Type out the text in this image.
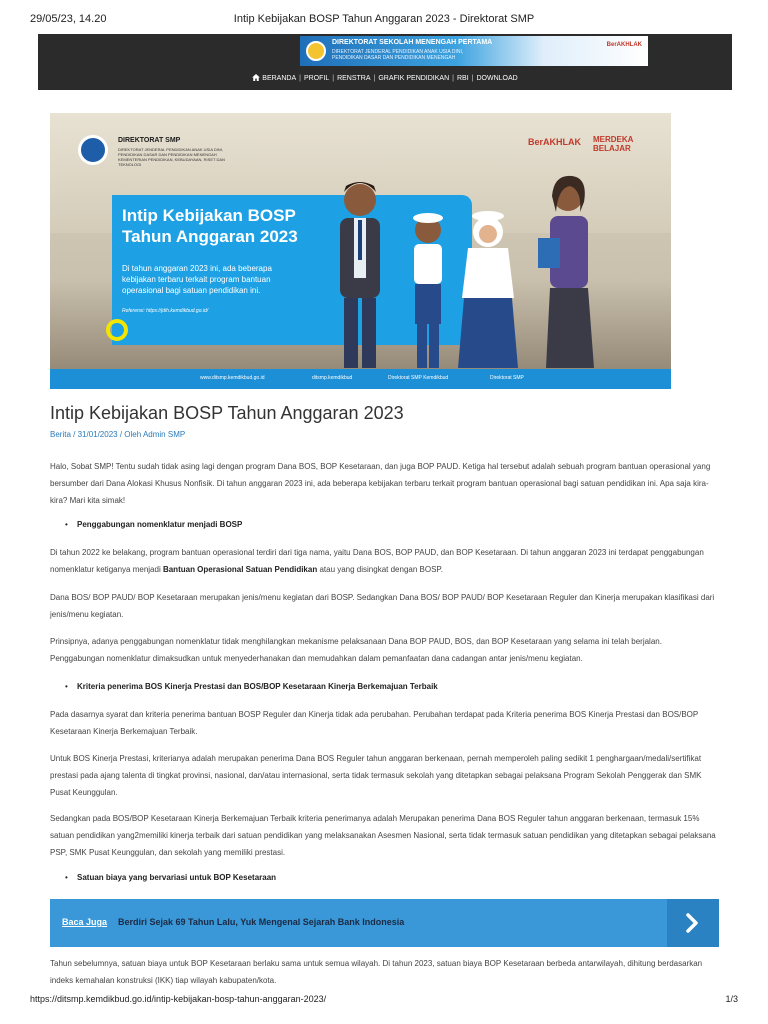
29/05/23, 14.20	Intip Kebijakan BOSP Tahun Anggaran 2023 - Direktorat SMP
DIREKTORAT SEKOLAH MENENGAH PERTAMA
DIREKTORAT JENDERAL PENDIDIKAN ANAK USIA DINI, PENDIDIKAN DASAR DAN PENDIDIKAN MENENGAH
BerAKHLAK
BERANDA | PROFIL | RENSTRA | GRAFIK PENDIDIKAN | RBI | DOWNLOAD
DIREKTORAT SMP
DIREKTORAT JENDERAL PENDIDIKAN ANAK USIA DINI, PENDIDIKAN DASAR DAN PENDIDIKAN MENENGAH KEMENTERIAN PENDIDIKAN, KEBUDAYAAN, RISET DAN TEKNOLOGI
BerAKHLAK MERDEKA BELAJAR
Intip Kebijakan BOSP Tahun Anggaran 2023
Di tahun anggaran 2023 ini, ada beberapa kebijakan terbaru terkait program bantuan operasional bagi satuan pendidikan ini.
Referensi: https://jdih.kemdikbud.go.id/
www.ditsmp.kemdikbud.go.id	ditsmp.kemdikbud	Direktorat SMP Kemdikbud	Direktorat SMP
Intip Kebijakan BOSP Tahun Anggaran 2023
Berita / 31/01/2023 / Oleh Admin SMP
Halo, Sobat SMP! Tentu sudah tidak asing lagi dengan program Dana BOS, BOP Kesetaraan, dan juga BOP PAUD. Ketiga hal tersebut adalah sebuah program bantuan operasional yang bersumber dari Dana Alokasi Khusus Nonfisik. Di tahun anggaran 2023 ini, ada beberapa kebijakan terbaru terkait program bantuan operasional bagi satuan pendidikan ini. Apa saja kira-kira? Mari kita simak!
• Penggabungan nomenklatur menjadi BOSP
Di tahun 2022 ke belakang, program bantuan operasional terdiri dari tiga nama, yaitu Dana BOS, BOP PAUD, dan BOP Kesetaraan. Di tahun anggaran 2023 ini terdapat penggabungan nomenklatur ketiganya menjadi Bantuan Operasional Satuan Pendidikan atau yang disingkat dengan BOSP.
Dana BOS/ BOP PAUD/ BOP Kesetaraan merupakan jenis/menu kegiatan dari BOSP. Sedangkan Dana BOS/ BOP PAUD/ BOP Kesetaraan Reguler dan Kinerja merupakan klasifikasi dari jenis/menu kegiatan.
Prinsipnya, adanya penggabungan nomenklatur tidak menghilangkan mekanisme pelaksanaan Dana BOP PAUD, BOS, dan BOP Kesetaraan yang selama ini telah berjalan. Penggabungan nomenklatur dimaksudkan untuk menyederhanakan dan memudahkan dalam pemanfaatan dana cadangan antar jenis/menu kegiatan.
• Kriteria penerima BOS Kinerja Prestasi dan BOS/BOP Kesetaraan Kinerja Berkemajuan Terbaik
Pada dasarnya syarat dan kriteria penerima bantuan BOSP Reguler dan Kinerja tidak ada perubahan. Perubahan terdapat pada Kriteria penerima BOS Kinerja Prestasi dan BOS/BOP Kesetaraan Kinerja Berkemajuan Terbaik.
Untuk BOS Kinerja Prestasi, kriterianya adalah merupakan penerima Dana BOS Reguler tahun anggaran berkenaan, pernah memperoleh paling sedikit 1 penghargaan/medali/sertifikat prestasi pada ajang talenta di tingkat provinsi, nasional, dan/atau internasional, serta tidak termasuk sekolah yang ditetapkan sebagai pelaksana Program Sekolah Penggerak dan SMK Pusat Keunggulan.
Sedangkan pada BOS/BOP Kesetaraan Kinerja Berkemajuan Terbaik kriteria penerimanya adalah Merupakan penerima Dana BOS Reguler tahun anggaran berkenaan, termasuk 15% satuan pendidikan yang2memiliki kinerja terbaik dari satuan pendidikan yang melaksanakan Asesmen Nasional, serta tidak termasuk satuan pendidikan yang ditetapkan sebagai pelaksana PSP, SMK Pusat Keunggulan, dan sekolah yang memiliki prestasi.
• Satuan biaya yang bervariasi untuk BOP Kesetaraan
Baca Juga Berdiri Sejak 69 Tahun Lalu, Yuk Mengenal Sejarah Bank Indonesia
Tahun sebelumnya, satuan biaya untuk BOP Kesetaraan berlaku sama untuk semua wilayah. Di tahun 2023, satuan biaya BOP Kesetaraan berbeda antarwilayah, dihitung berdasarkan indeks kemahalan konstruksi (IKK) tiap wilayah kabupaten/kota.
https://ditsmp.kemdikbud.go.id/intip-kebijakan-bosp-tahun-anggaran-2023/	1/3
